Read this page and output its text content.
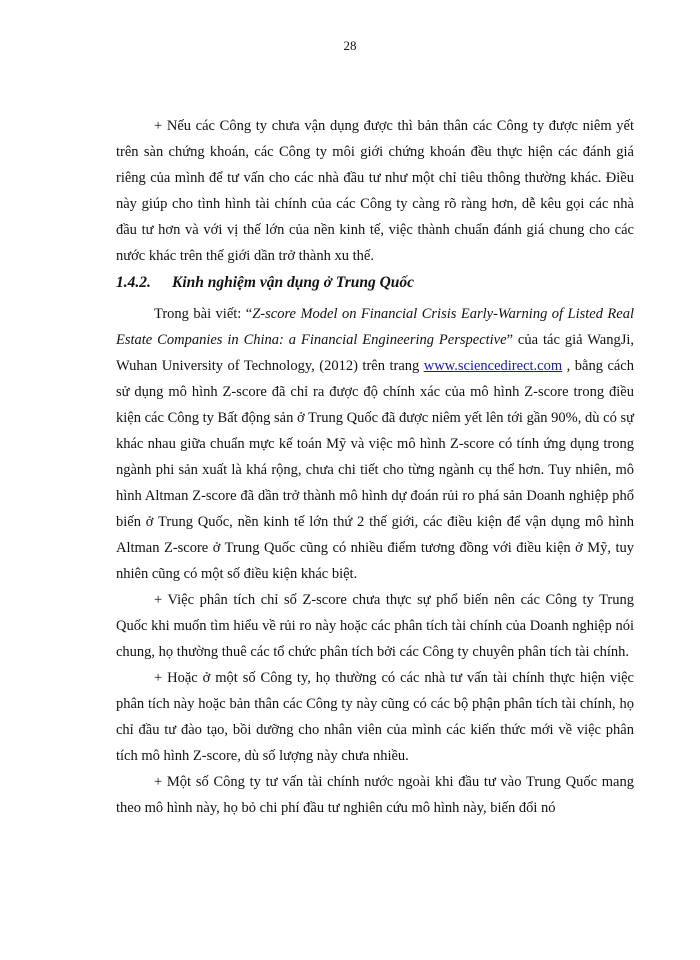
28

+ Nếu các Công ty chưa vận dụng được thì bản thân các Công ty được niêm yết trên sàn chứng khoán, các Công ty môi giới chứng khoán đều thực hiện các đánh giá riêng của mình để tư vấn cho các nhà đầu tư như một chỉ tiêu thông thường khác. Điều này giúp cho tình hình tài chính của các Công ty càng rõ ràng hơn, dễ kêu gọi các nhà đầu tư hơn và với vị thế lớn của nền kinh tế, việc thành chuẩn đánh giá chung cho các nước khác trên thế giới dần trở thành xu thế.

1.4.2. Kinh nghiệm vận dụng ở Trung Quốc

Trong bài viết: “Z-score Model on Financial Crisis Early-Warning of Listed Real Estate Companies in China: a Financial Engineering Perspective” của tác giả WangJi, Wuhan University of Technology, (2012) trên trang www.sciencedirect.com , bằng cách sử dụng mô hình Z-score đã chỉ ra được độ chính xác của mô hình Z-score trong điều kiện các Công ty Bất động sản ở Trung Quốc đã được niêm yết lên tới gần 90%, dù có sự khác nhau giữa chuẩn mực kế toán Mỹ và việc mô hình Z-score có tính ứng dụng trong ngành phi sản xuất là khá rộng, chưa chi tiết cho từng ngành cụ thể hơn. Tuy nhiên, mô hình Altman Z-score đã dần trở thành mô hình dự đoán rủi ro phá sản Doanh nghiệp phổ biến ở Trung Quốc, nền kinh tế lớn thứ 2 thế giới, các điều kiện để vận dụng mô hình Altman Z-score ở Trung Quốc cũng có nhiều điểm tương đồng với điều kiện ở Mỹ, tuy nhiên cũng có một số điều kiện khác biệt.

+ Việc phân tích chỉ số Z-score chưa thực sự phổ biến nên các Công ty Trung Quốc khi muốn tìm hiểu về rủi ro này hoặc các phân tích tài chính của Doanh nghiệp nói chung, họ thường thuê các tổ chức phân tích bởi các Công ty chuyên phân tích tài chính.

+ Hoặc ở một số Công ty, họ thường có các nhà tư vấn tài chính thực hiện việc phân tích này hoặc bản thân các Công ty này cũng có các bộ phận phân tích tài chính, họ chỉ đầu tư đào tạo, bồi dưỡng cho nhân viên của mình các kiến thức mới về việc phân tích mô hình Z-score, dù số lượng này chưa nhiều.

+ Một số Công ty tư vấn tài chính nước ngoài khi đầu tư vào Trung Quốc mang theo mô hình này, họ bỏ chi phí đầu tư nghiên cứu mô hình này, biến đổi nó
